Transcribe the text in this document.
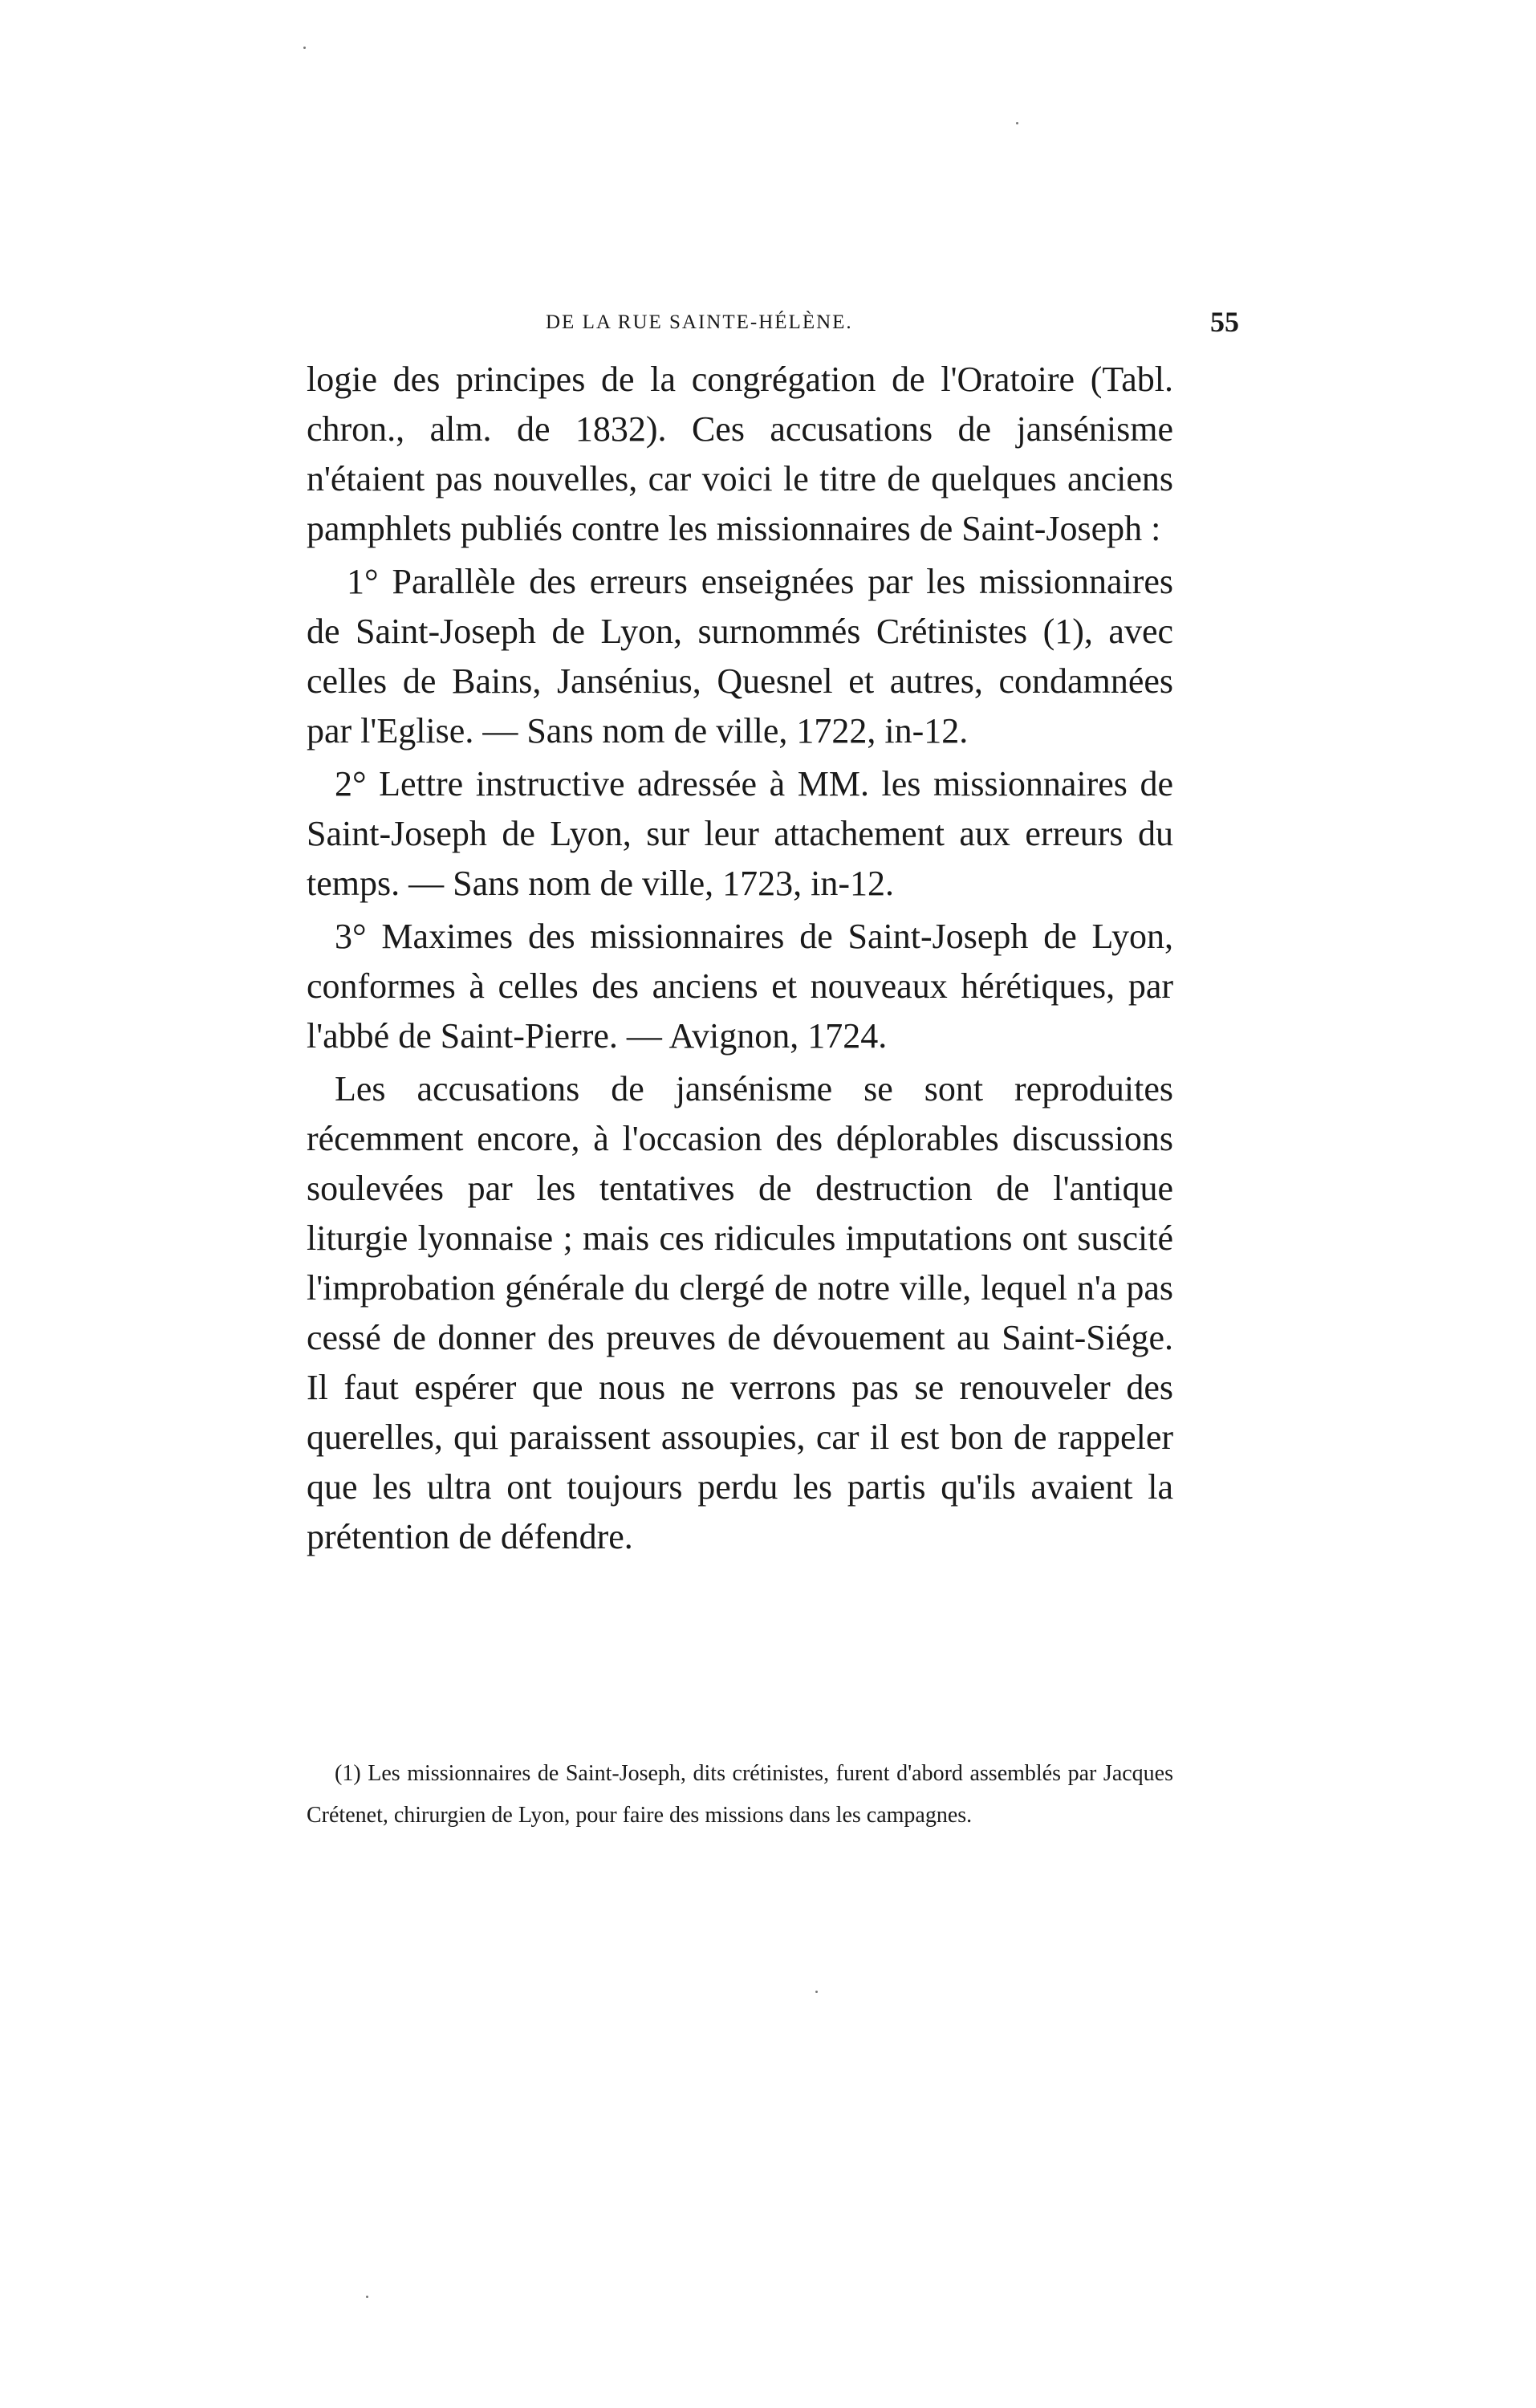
DE LA RUE SAINTE-HÉLÈNE.	55

logie des principes de la congrégation de l'Oratoire (Tabl. chron., alm. de 1832). Ces accusations de jansénisme n'étaient pas nouvelles, car voici le titre de quelques anciens pamphlets publiés contre les missionnaires de Saint-Joseph :

1° Parallèle des erreurs enseignées par les missionnaires de Saint-Joseph de Lyon, surnommés Crétinistes (1), avec celles de Bains, Jansénius, Quesnel et autres, condamnées par l'Eglise. — Sans nom de ville, 1722, in-12.

2° Lettre instructive adressée à MM. les missionnaires de Saint-Joseph de Lyon, sur leur attachement aux erreurs du temps. — Sans nom de ville, 1723, in-12.

3° Maximes des missionnaires de Saint-Joseph de Lyon, conformes à celles des anciens et nouveaux hérétiques, par l'abbé de Saint-Pierre. — Avignon, 1724.

Les accusations de jansénisme se sont reproduites récemment encore, à l'occasion des déplorables discussions soulevées par les tentatives de destruction de l'antique liturgie lyonnaise ; mais ces ridicules imputations ont suscité l'improbation générale du clergé de notre ville, lequel n'a pas cessé de donner des preuves de dévouement au Saint-Siége. Il faut espérer que nous ne verrons pas se renouveler des querelles, qui paraissent assoupies, car il est bon de rappeler que les ultra ont toujours perdu les partis qu'ils avaient la prétention de défendre.

(1) Les missionnaires de Saint-Joseph, dits crétinistes, furent d'abord assemblés par Jacques Crétenet, chirurgien de Lyon, pour faire des missions dans les campagnes.
